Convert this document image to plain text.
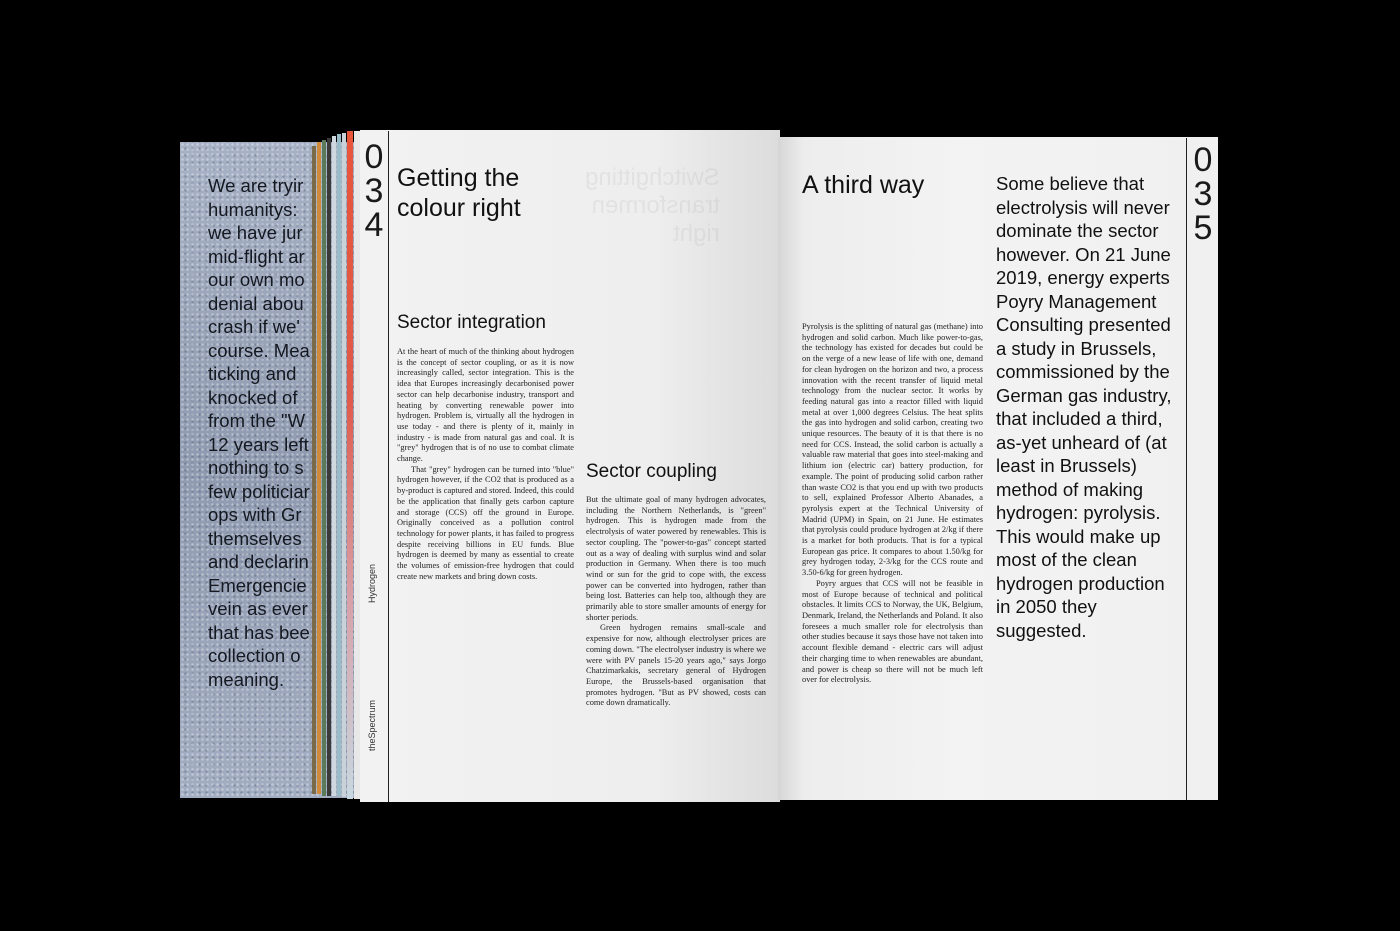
We are tryir
humanitys:
we have jur
mid-flight ar
our own mo
denial abou
crash if we'
course. Mea
ticking and
knocked of
from the "W
12 years left
nothing to s
few politiciar
ops with Gr
themselves
and declarin
Emergencie
vein as ever
that has bee
collection o
meaning.
0
3
4
Hydrogen
theSpectrum
Switchgitting
transformen
right
Getting the
colour right
Sector integration

At the heart of much of the thinking about hydrogen is the concept of sector coupling, or as it is now increasingly called, sector integration. This is the idea that Europes increasingly decarbonised power sector can help decarbonise industry, transport and heating by converting renewable power into hydrogen. Problem is, virtually all the hydrogen in use today - and there is plenty of it, mainly in industry - is made from natural gas and coal. It is "grey" hydrogen that is of no use to combat climate change.

That "grey" hydrogen can be turned into "blue" hydrogen however, if the CO2 that is produced as a by-product is captured and stored. Indeed, this could be the application that finally gets carbon capture and storage (CCS) off the ground in Europe. Originally conceived as a pollution control technology for power plants, it has failed to progress despite receiving billions in EU funds. Blue hydrogen is deemed by many as essential to create the volumes of emission-free hydrogen that could create new markets and bring down costs.

Sector coupling

But the ultimate goal of many hydrogen advocates, including the Northern Netherlands, is "green" hydrogen. This is hydrogen made from the electrolysis of water powered by renewables. This is sector coupling. The "power-to-gas" concept started out as a way of dealing with surplus wind and solar production in Germany. When there is too much wind or sun for the grid to cope with, the excess power can be converted into hydrogen, rather than being lost. Batteries can help too, although they are primarily able to store smaller amounts of energy for shorter periods.

Green hydrogen remains small-scale and expensive for now, although electrolyser prices are coming down. "The electrolyser industry is where we were with PV panels 15-20 years ago," says Jorgo Chatzimarkakis, secretary general of Hydrogen Europe, the Brussels-based organisation that promotes hydrogen. "But as PV showed, costs can come down dramatically.

0
3
5
A third way

Pyrolysis is the splitting of natural gas (methane) into hydrogen and solid carbon. Much like power-to-gas, the technology has existed for decades but could be on the verge of a new lease of life with one, demand for clean hydrogen on the horizon and two, a process innovation with the recent transfer of liquid metal technology from the nuclear sector. It works by feeding natural gas into a reactor filled with liquid metal at over 1,000 degrees Celsius. The heat splits the gas into hydrogen and solid carbon, creating two unique resources. The beauty of it is that there is no need for CCS. Instead, the solid carbon is actually a valuable raw material that goes into steel-making and lithium ion (electric car) battery production, for example. The point of producing solid carbon rather than waste CO2 is that you end up with two products to sell, explained Professor Alberto Abanades, a pyrolysis expert at the Technical University of Madrid (UPM) in Spain, on 21 June. He estimates that pyrolysis could produce hydrogen at 2/kg if there is a market for both products. That is for a typical European gas price. It compares to about 1.50/kg for grey hydrogen today, 2-3/kg for the CCS route and 3.50-6/kg for green hydrogen.

Poyry argues that CCS will not be feasible in most of Europe because of technical and political obstacles. It limits CCS to Norway, the UK, Belgium, Denmark, Ireland, the Netherlands and Poland. It also foresees a much smaller role for electrolysis than other studies because it says those have not taken into account flexible demand - electric cars will adjust their charging time to when renewables are abundant, and power is cheap so there will not be much left over for electrolysis.

Some believe that electrolysis will never dominate the sector however. On 21 June 2019, energy experts Poyry Management Consulting presented a study in Brussels, commissioned by the German gas industry, that included a third, as-yet unheard of (at least in Brussels) method of making hydrogen: pyrolysis. This would make up most of the clean hydrogen production in 2050 they suggested.
